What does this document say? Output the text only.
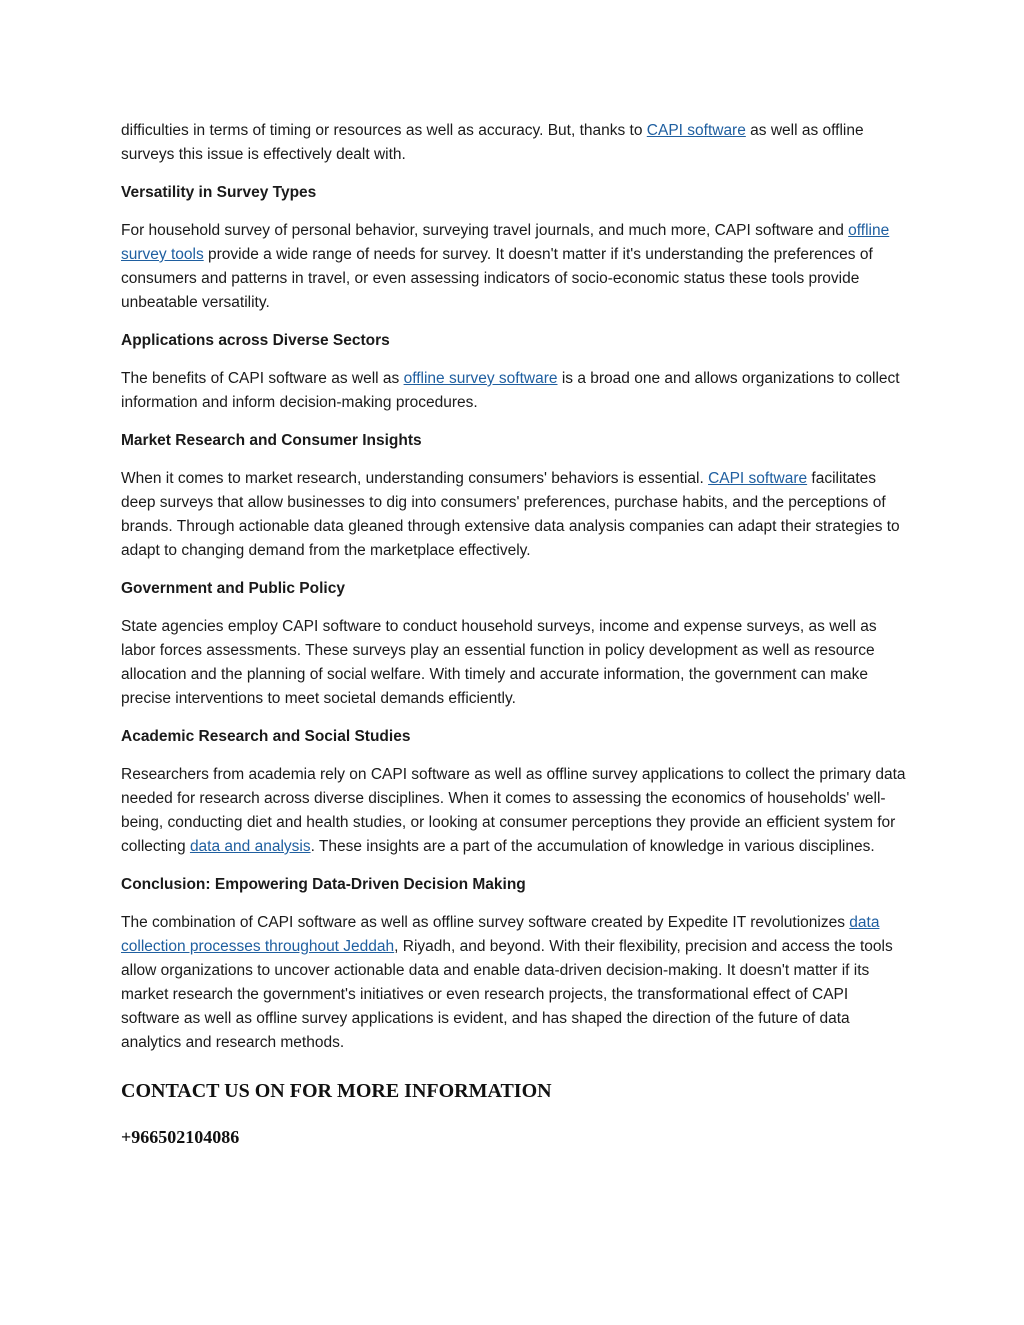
difficulties in terms of timing or resources as well as accuracy. But, thanks to CAPI software as well as offline surveys this issue is effectively dealt with.

Versatility in Survey Types

For household survey of personal behavior, surveying travel journals, and much more, CAPI software and offline survey tools provide a wide range of needs for survey. It doesn't matter if it's understanding the preferences of consumers and patterns in travel, or even assessing indicators of socio-economic status these tools provide unbeatable versatility.

Applications across Diverse Sectors

The benefits of CAPI software as well as offline survey software is a broad one and allows organizations to collect information and inform decision-making procedures.

Market Research and Consumer Insights

When it comes to market research, understanding consumers' behaviors is essential. CAPI software facilitates deep surveys that allow businesses to dig into consumers' preferences, purchase habits, and the perceptions of brands. Through actionable data gleaned through extensive data analysis companies can adapt their strategies to adapt to changing demand from the marketplace effectively.

Government and Public Policy

State agencies employ CAPI software to conduct household surveys, income and expense surveys, as well as labor forces assessments. These surveys play an essential function in policy development as well as resource allocation and the planning of social welfare. With timely and accurate information, the government can make precise interventions to meet societal demands efficiently.

Academic Research and Social Studies

Researchers from academia rely on CAPI software as well as offline survey applications to collect the primary data needed for research across diverse disciplines. When it comes to assessing the economics of households' well-being, conducting diet and health studies, or looking at consumer perceptions they provide an efficient system for collecting data and analysis. These insights are a part of the accumulation of knowledge in various disciplines.

Conclusion: Empowering Data-Driven Decision Making

The combination of CAPI software as well as offline survey software created by Expedite IT revolutionizes data collection processes throughout Jeddah, Riyadh, and beyond. With their flexibility, precision and access the tools allow organizations to uncover actionable data and enable data-driven decision-making. It doesn't matter if its market research the government's initiatives or even research projects, the transformational effect of CAPI software as well as offline survey applications is evident, and has shaped the direction of the future of data analytics and research methods.

CONTACT US ON FOR MORE INFORMATION
+966502104086
